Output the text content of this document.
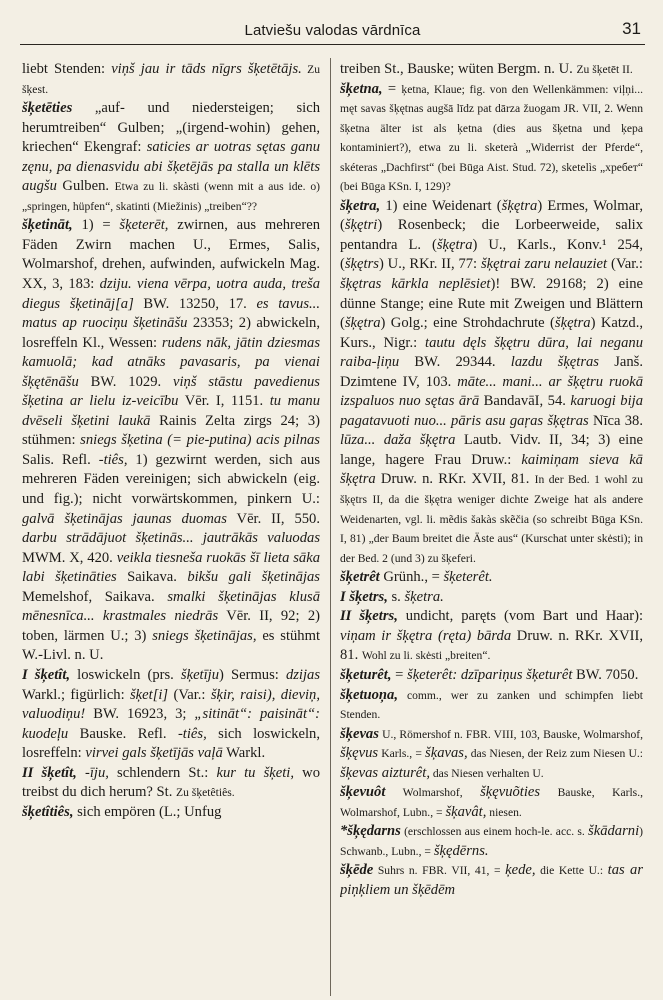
Latviešu valodas vārdnīca	31

liebt Stenden: viņš jau ir tāds nīgrs šķetētājs. Zu šķest.

šķetēties „auf- und niedersteigen; sich herumtreiben“ Gulben; „(irgend-wohin) gehen, kriechen“ Ekengraf: saticies ar uotras sętas ganu zęnu, pa dienasvidu abi šķetējās pa stallа un klēts augšu Gulben. Etwa zu li. skàsti (wenn mit a aus ide. o) „springen, hüpfen“, skatinti (Miežinis) „treiben“??

šķetināt, 1) = šķeterēt, zwirnen, aus mehreren Fäden Zwirn machen U., Ermes, Salis, Wolmarshof, drehen, aufwinden, aufwickeln Mag. XX, 3, 183: dziju. viena vērpa, uotra auda, treša diegus šķetināj[a] BW. 13250, 17. es tavus... matus ap ruociņu šķetināšu 23353; 2) abwickeln, losreffeln Kl., Wessen: rudens nāk, jātin dziesmas kamuolā; kad atnāks pavasaris, pa vienai šķętēnāšu BW. 1029. viņš stāstu pavedienus šķetina ar lielu iz-veicību Vēr. I, 1151. tu manu dvēseli šķetini laukā Rainis Zelta zirgs 24; 3) stühmen: sniegs šķetina (= pie-putina) acis pilnas Salis. Refl. -tiês, 1) gezwirnt werden, sich aus mehreren Fäden vereinigen; sich abwickeln (eig. und fig.); nicht vorwärtskommen, pinkern U.: galvā šķetinājas jaunas duomas Vēr. II, 550. darbu strādājuot šķetinās... jautrākās valuodas MWM. X, 420. veikla tiesneša ruokās šī lieta sāka labi šķetināties Saikava. bikšu gali šķetinājas Memelshof, Saikava. smalki šķetinājas klusā mēnesnīca... krastmales niedrās Vēr. II, 92; 2) toben, lärmen U.; 3) sniegs šķetinājas, es stühmt W.-Livl. n. U.

I šķetît, loswickeln (prs. šķetīju) Sermus: dzijas Warkl.; figürlich: šķet[i] (Var.: šķir, raisi), dieviņ, valuodiņu! BW. 16923, 3; „sitināt“: paisināt“: kuodeļu Bauske. Refl. -tiês, sich loswickeln, losreffeln: virvei gals šķetījās vaļā Warkl.

II šķetît, -īju, schlendern St.: kur tu šķeti, wo treibst du dich herum? St. Zu šķetêtiês.

šķetîtiês, sich empören (L.; Unfug

treiben St., Bauske; wüten Bergm. n. U. Zu šķetēt II.

šķetna, = ķetna, Klaue; fig. von den Wellenkämmen: viļņi... męt savas šķętnas augšā līdz pat dārza žuogam JR. VII, 2. Wenn šķetna älter ist als ķetna (dies aus šķetna und ķepa kontaminiert?), etwa zu li. sketerà „Widerrist der Pferde“, skéteras „Dachfirst“ (bei Būga Aist. Stud. 72), sketelìs „хребет“ (bei Būga KSn. I, 129)?

šķetra, 1) eine Weidenart (šķętra) Ermes, Wolmar, (šķętri) Rosenbeck; die Lorbeerweide, salix pentandra L. (šķętra) U., Karls., Konv.¹ 254, (šķętrs) U., RKr. II, 77: šķętrai zaru nelauziet (Var.: šķętras kārkla neplēsiet)! BW. 29168; 2) eine dünne Stange; eine Rute mit Zweigen und Blättern (šķętra) Golg.; eine Strohdachrute (šķętra) Katzd., Kurs., Nigr.: tautu dęls šķętru dūra, lai neganu raiba-ļiņu BW. 29344. lazdu šķętras Janš. Dzimtene IV, 103. māte... mani... ar šķętru ruokā izspaluos nuo sętas ārā BandavāI, 54. karuogi bija pagatavuoti nuo... pāris asu gaŗas šķętras Nīca 38. lūza... daža šķętra Lautb. Vidv. II, 34; 3) eine lange, hagere Frau Druw.: kaimiņam sieva kā šķętra Druw. n. RKr. XVII, 81. In der Bed. 1 wohl zu šķętrs II, da die šķętra weniger dichte Zweige hat als andere Weidenarten, vgl. li. mẽdis šakàs skẽčia (so schreibt Būga KSn. I, 81) „der Baum breitet die Äste aus“ (Kurschat unter skėsti); in der Bed. 2 (und 3) zu šķeferi.

šķetrêt Grünh., = šķeterêt.

I šķetrs, s. šķetra.

II šķetrs, undicht, paręts (vom Bart und Haar): viņam ir šķętra (ręta) bārda Druw. n. RKr. XVII, 81. Wohl zu li. skėsti „breiten“.

šķeturêt, = šķeterêt: dzīpariņus šķeturêt BW. 7050.

šķetuoņa, comm., wer zu zanken und schimpfen liebt Stenden.

šķevas U., Römershof n. FBR. VIII, 103, Bauske, Wolmarshof, šķęvus Karls., = šķavas, das Niesen, der Reiz zum Niesen U.: šķevas aizturêt, das Niesen verhalten U.

šķevuôt Wolmarshof, šķęvuõties Bauske, Karls., Wolmarshof, Lubn., = šķavât, niesen.

*šķędarns (erschlossen aus einem hoch-le. acc. s. škādarni) Schwanb., Lubn., = šķędērns.

šķēde Suhrs n. FBR. VII, 41, = ķede, die Kette U.: tas ar piņķliem un šķēdēm
